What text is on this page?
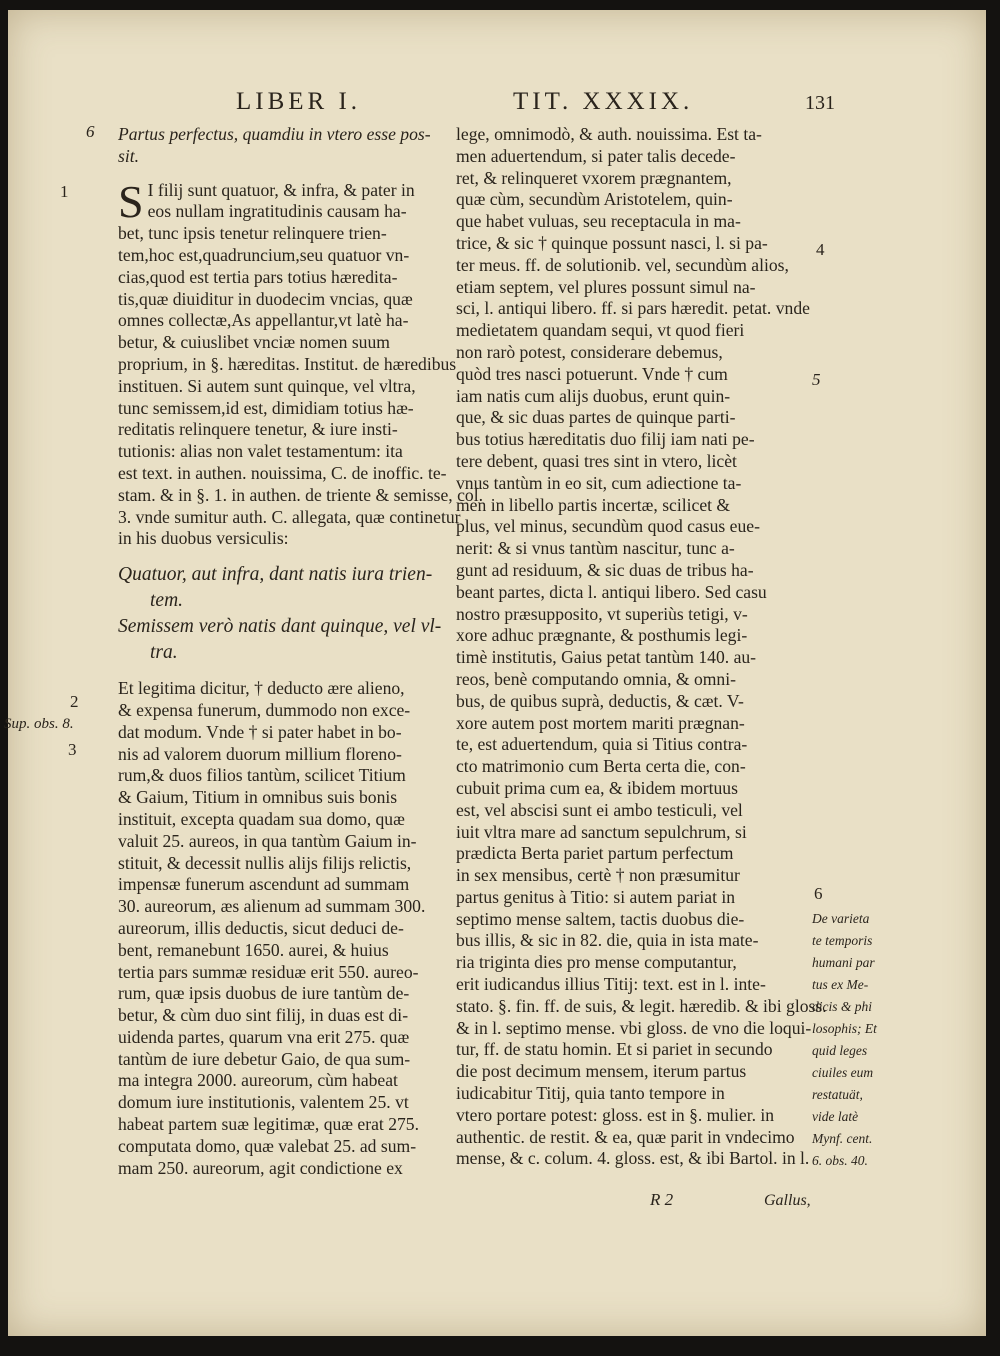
LIBER I.	TIT. XXXIX.	131
Partus perfectus, quamdiu in vtero esse pos-
sit.
S I filij sunt quatuor, & infra, & pater in
eos nullam ingratitudinis causam ha-
bet, tunc ipsis tenetur relinquere trien-
tem,hoc est,quadruncium,seu quatuor vn-
cias,quod est tertia pars totius hæredita-
tis,quæ diuiditur in duodecim vncias, quæ
omnes collectæ,As appellantur,vt latè ha-
betur, & cuiuslibet vnciæ nomen suum
proprium, in §. hæreditas. Institut. de hæredibus
instituen. Si autem sunt quinque, vel vltra,
tunc semissem,id est, dimidiam totius hæ-
reditatis relinquere tenetur, & iure insti-
tutionis: alias non valet testamentum: ita
est text. in authen. nouissima, C. de inoffic. te-
stam. & in §. 1. in authen. de triente & semisse, col.
3. vnde sumitur auth. C. allegata, quæ continetur
in his duobus versiculis:
Quatuor, aut infra, dant natis iura trien-
tem.
Semissem verò natis dant quinque, vel vl-
tra.
Et legitima dicitur, † deducto ære alieno,
& expensa funerum, dummodo non exce-
dat modum. Vnde † si pater habet in bo-
nis ad valorem duorum millium floreno-
rum,& duos filios tantùm, scilicet Titium
& Gaium, Titium in omnibus suis bonis
instituit, excepta quadam sua domo, quæ
valuit 25. aureos, in qua tantùm Gaium in-
stituit, & decessit nullis alijs filijs relictis,
impensæ funerum ascendunt ad summam
30. aureorum, æs alienum ad summam 300.
aureorum, illis deductis, sicut deduci de-
bent, remanebunt 1650. aurei, & huius
tertia pars summæ residuæ erit 550. aureo-
rum, quæ ipsis duobus de iure tantùm de-
betur, & cùm duo sint filij, in duas est di-
uidenda partes, quarum vna erit 275. quæ
tantùm de iure debetur Gaio, de qua sum-
ma integra 2000. aureorum, cùm habeat
domum iure institutionis, valentem 25. vt
habeat partem suæ legitimæ, quæ erat 275.
computata domo, quæ valebat 25. ad sum-
mam 250. aureorum, agit condictione ex
lege, omnimodò, & auth. nouissima. Est ta-
men aduertendum, si pater talis decede-
ret, & relinqueret vxorem prægnantem,
quæ cùm, secundùm Aristotelem, quin-
que habet vuluas, seu receptacula in ma-
trice, & sic † quinque possunt nasci, l. si pa-
ter meus. ff. de solutionib. vel, secundùm alios,
etiam septem, vel plures possunt simul na-
sci, l. antiqui libero. ff. si pars hæredit. petat. vnde
medietatem quandam sequi, vt quod fieri
non rarò potest, considerare debemus,
quòd tres nasci potuerunt. Vnde † cum
iam natis cum alijs duobus, erunt quin-
que, & sic duas partes de quinque parti-
bus totius hæreditatis duo filij iam nati pe-
tere debent, quasi tres sint in vtero, licèt
vnus tantùm in eo sit, cum adiectione ta-
men in libello partis incertæ, scilicet &
plus, vel minus, secundùm quod casus eue-
nerit: & si vnus tantùm nascitur, tunc a-
gunt ad residuum, & sic duas de tribus ha-
beant partes, dicta l. antiqui libero. Sed casu
nostro præsupposito, vt superiùs tetigi, v-
xore adhuc prægnante, & posthumis legi-
timè institutis, Gaius petat tantùm 140. au-
reos, benè computando omnia, & omni-
bus, de quibus suprà, deductis, & cæt. V-
xore autem post mortem mariti prægnan-
te, est aduertendum, quia si Titius contra-
cto matrimonio cum Berta certa die, con-
cubuit prima cum ea, & ibidem mortuus
est, vel abscisi sunt ei ambo testiculi, vel
iuit vltra mare ad sanctum sepulchrum, si
prædicta Berta pariet partum perfectum
in sex mensibus, certè † non præsumitur
partus genitus à Titio: si autem pariat in
septimo mense saltem, tactis duobus die-
bus illis, & sic in 82. die, quia in ista mate-
ria triginta dies pro mense computantur,
erit iudicandus illius Titij: text. est in l. inte-
stato. §. fin. ff. de suis, & legit. hæredib. & ibi gloss.
& in l. septimo mense. vbi gloss. de vno die loqui-
tur, ff. de statu homin. Et si pariet in secundo
die post decimum mensem, iterum partus
iudicabitur Titij, quia tanto tempore in
vtero portare potest: gloss. est in §. mulier. in
authentic. de restit. & ea, quæ parit in vndecimo
mense, & c. colum. 4. gloss. est, & ibi Bartol. in l.
6
1
2
Sup. obs. 8.
3
4
5
6
De varieta
te temporis
humani par
tus ex Me-
dicis & phi
losophis; Et
quid leges
ciuiles eum
restatuät,
vide latè
Mynf. cent.
6. obs. 40.
R 2	Gallus,
